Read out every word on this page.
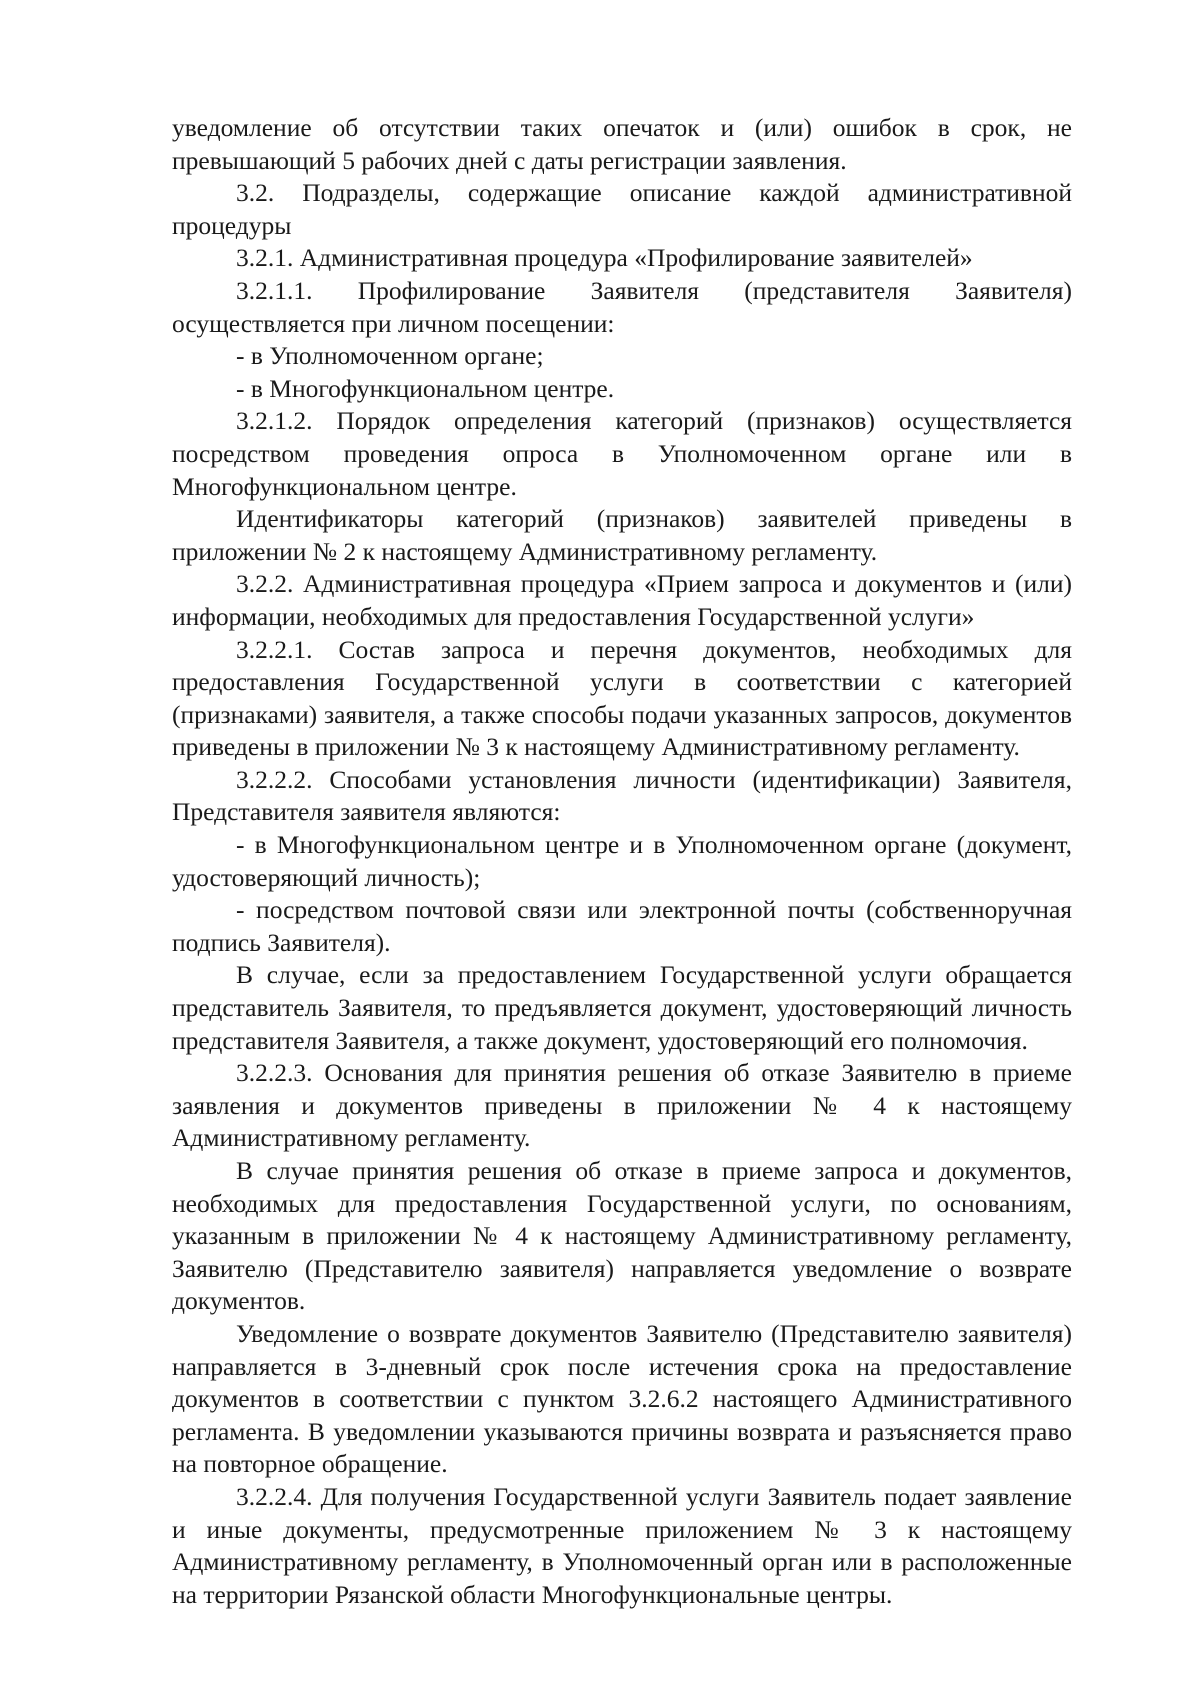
уведомление об отсутствии таких опечаток и (или) ошибок в срок, не превышающий 5 рабочих дней с даты регистрации заявления.

3.2. Подразделы, содержащие описание каждой административной процедуры

3.2.1. Административная процедура «Профилирование заявителей»

3.2.1.1. Профилирование Заявителя (представителя Заявителя) осуществляется при личном посещении:

- в Уполномоченном органе;

- в Многофункциональном центре.

3.2.1.2. Порядок определения категорий (признаков) осуществляется посредством проведения опроса в Уполномоченном органе или в Многофункциональном центре.

Идентификаторы категорий (признаков) заявителей приведены в приложении № 2 к настоящему Административному регламенту.

3.2.2. Административная процедура «Прием запроса и документов и (или) информации, необходимых для предоставления Государственной услуги»

3.2.2.1. Состав запроса и перечня документов, необходимых для предоставления Государственной услуги в соответствии с категорией (признаками) заявителя, а также способы подачи указанных запросов, документов приведены в приложении № 3 к настоящему Административному регламенту.

3.2.2.2. Способами установления личности (идентификации) Заявителя, Представителя заявителя являются:

- в Многофункциональном центре и в Уполномоченном органе (документ, удостоверяющий личность);

- посредством почтовой связи или электронной почты (собственноручная подпись Заявителя).

В случае, если за предоставлением Государственной услуги обращается представитель Заявителя, то предъявляется документ, удостоверяющий личность представителя Заявителя, а также документ, удостоверяющий его полномочия.

3.2.2.3. Основания для принятия решения об отказе Заявителю в приеме заявления и документов приведены в приложении № 4 к настоящему Административному регламенту.

В случае принятия решения об отказе в приеме запроса и документов, необходимых для предоставления Государственной услуги, по основаниям, указанным в приложении № 4 к настоящему Административному регламенту, Заявителю (Представителю заявителя) направляется уведомление о возврате документов.

Уведомление о возврате документов Заявителю (Представителю заявителя) направляется в 3-дневный срок после истечения срока на предоставление документов в соответствии с пунктом 3.2.6.2 настоящего Административного регламента. В уведомлении указываются причины возврата и разъясняется право на повторное обращение.

3.2.2.4. Для получения Государственной услуги Заявитель подает заявление и иные документы, предусмотренные приложением № 3 к настоящему Административному регламенту, в Уполномоченный орган или в расположенные на территории Рязанской области Многофункциональные центры.
